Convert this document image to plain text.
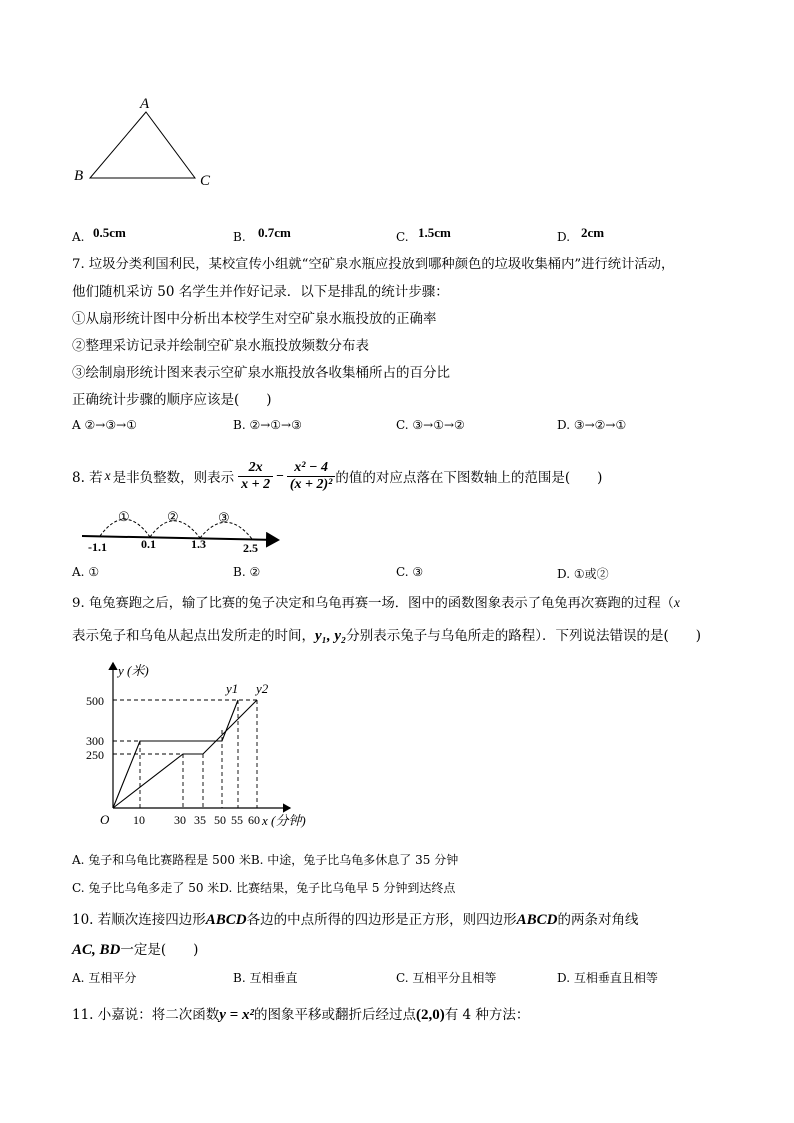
A
B	C
A. 0.5cm	B. 0.7cm	C. 1.5cm	D. 2cm
7. 垃圾分类利国利民，某校宣传小组就“空矿泉水瓶应投放到哪种颜色的垃圾收集桶内”进行统计活动，
他们随机采访 50 名学生并作好记录．以下是排乱的统计步骤：
①从扇形统计图中分析出本校学生对空矿泉水瓶投放的正确率
②整理采访记录并绘制空矿泉水瓶投放频数分布表
③绘制扇形统计图来表示空矿泉水瓶投放各收集桶所占的百分比
正确统计步骤的顺序应该是(　　)
A ②→③→①	B. ②→①→③	C. ③→①→②	D. ③→②→①
8. 若 x 是非负整数，则表示 $\frac{2x}{x + 2} - \frac{\text{x² − 4}}{\text{(x + 2)²}}$ 的值的对应点落在下图数轴上的范围是(　　)
①	②	③
-1.1	0.1	1.3	2.5
A. ①	B. ②	C. ③	D. ①或②
9. 龟兔赛跑之后，输了比赛的兔子决定和乌龟再赛一场．图中的函数图象表示了龟兔再次赛跑的过程（x
表示兔子和乌龟从起点出发所走的时间，y₁, y₂分别表示兔子与乌龟所走的路程）．下列说法错误的是(　　)
y (米)
x (分钟)
O
500
300
250
10 30 35 50 55 60
y1 y2
A. 兔子和乌龟比赛路程是 500 米B. 中途，兔子比乌龟多休息了 35 分钟
C. 兔子比乌龟多走了 50 米D. 比赛结果，兔子比乌龟早 5 分钟到达终点
10. 若顺次连接四边形ABCD各边的中点所得的四边形是正方形，则四边形ABCD的两条对角线
AC, BD一定是(　　)
A. 互相平分	B. 互相垂直	C. 互相平分且相等	D. 互相垂直且相等
11. 小嘉说：将二次函数y = x²的图象平移或翻折后经过点(2,0)有 4 种方法：
